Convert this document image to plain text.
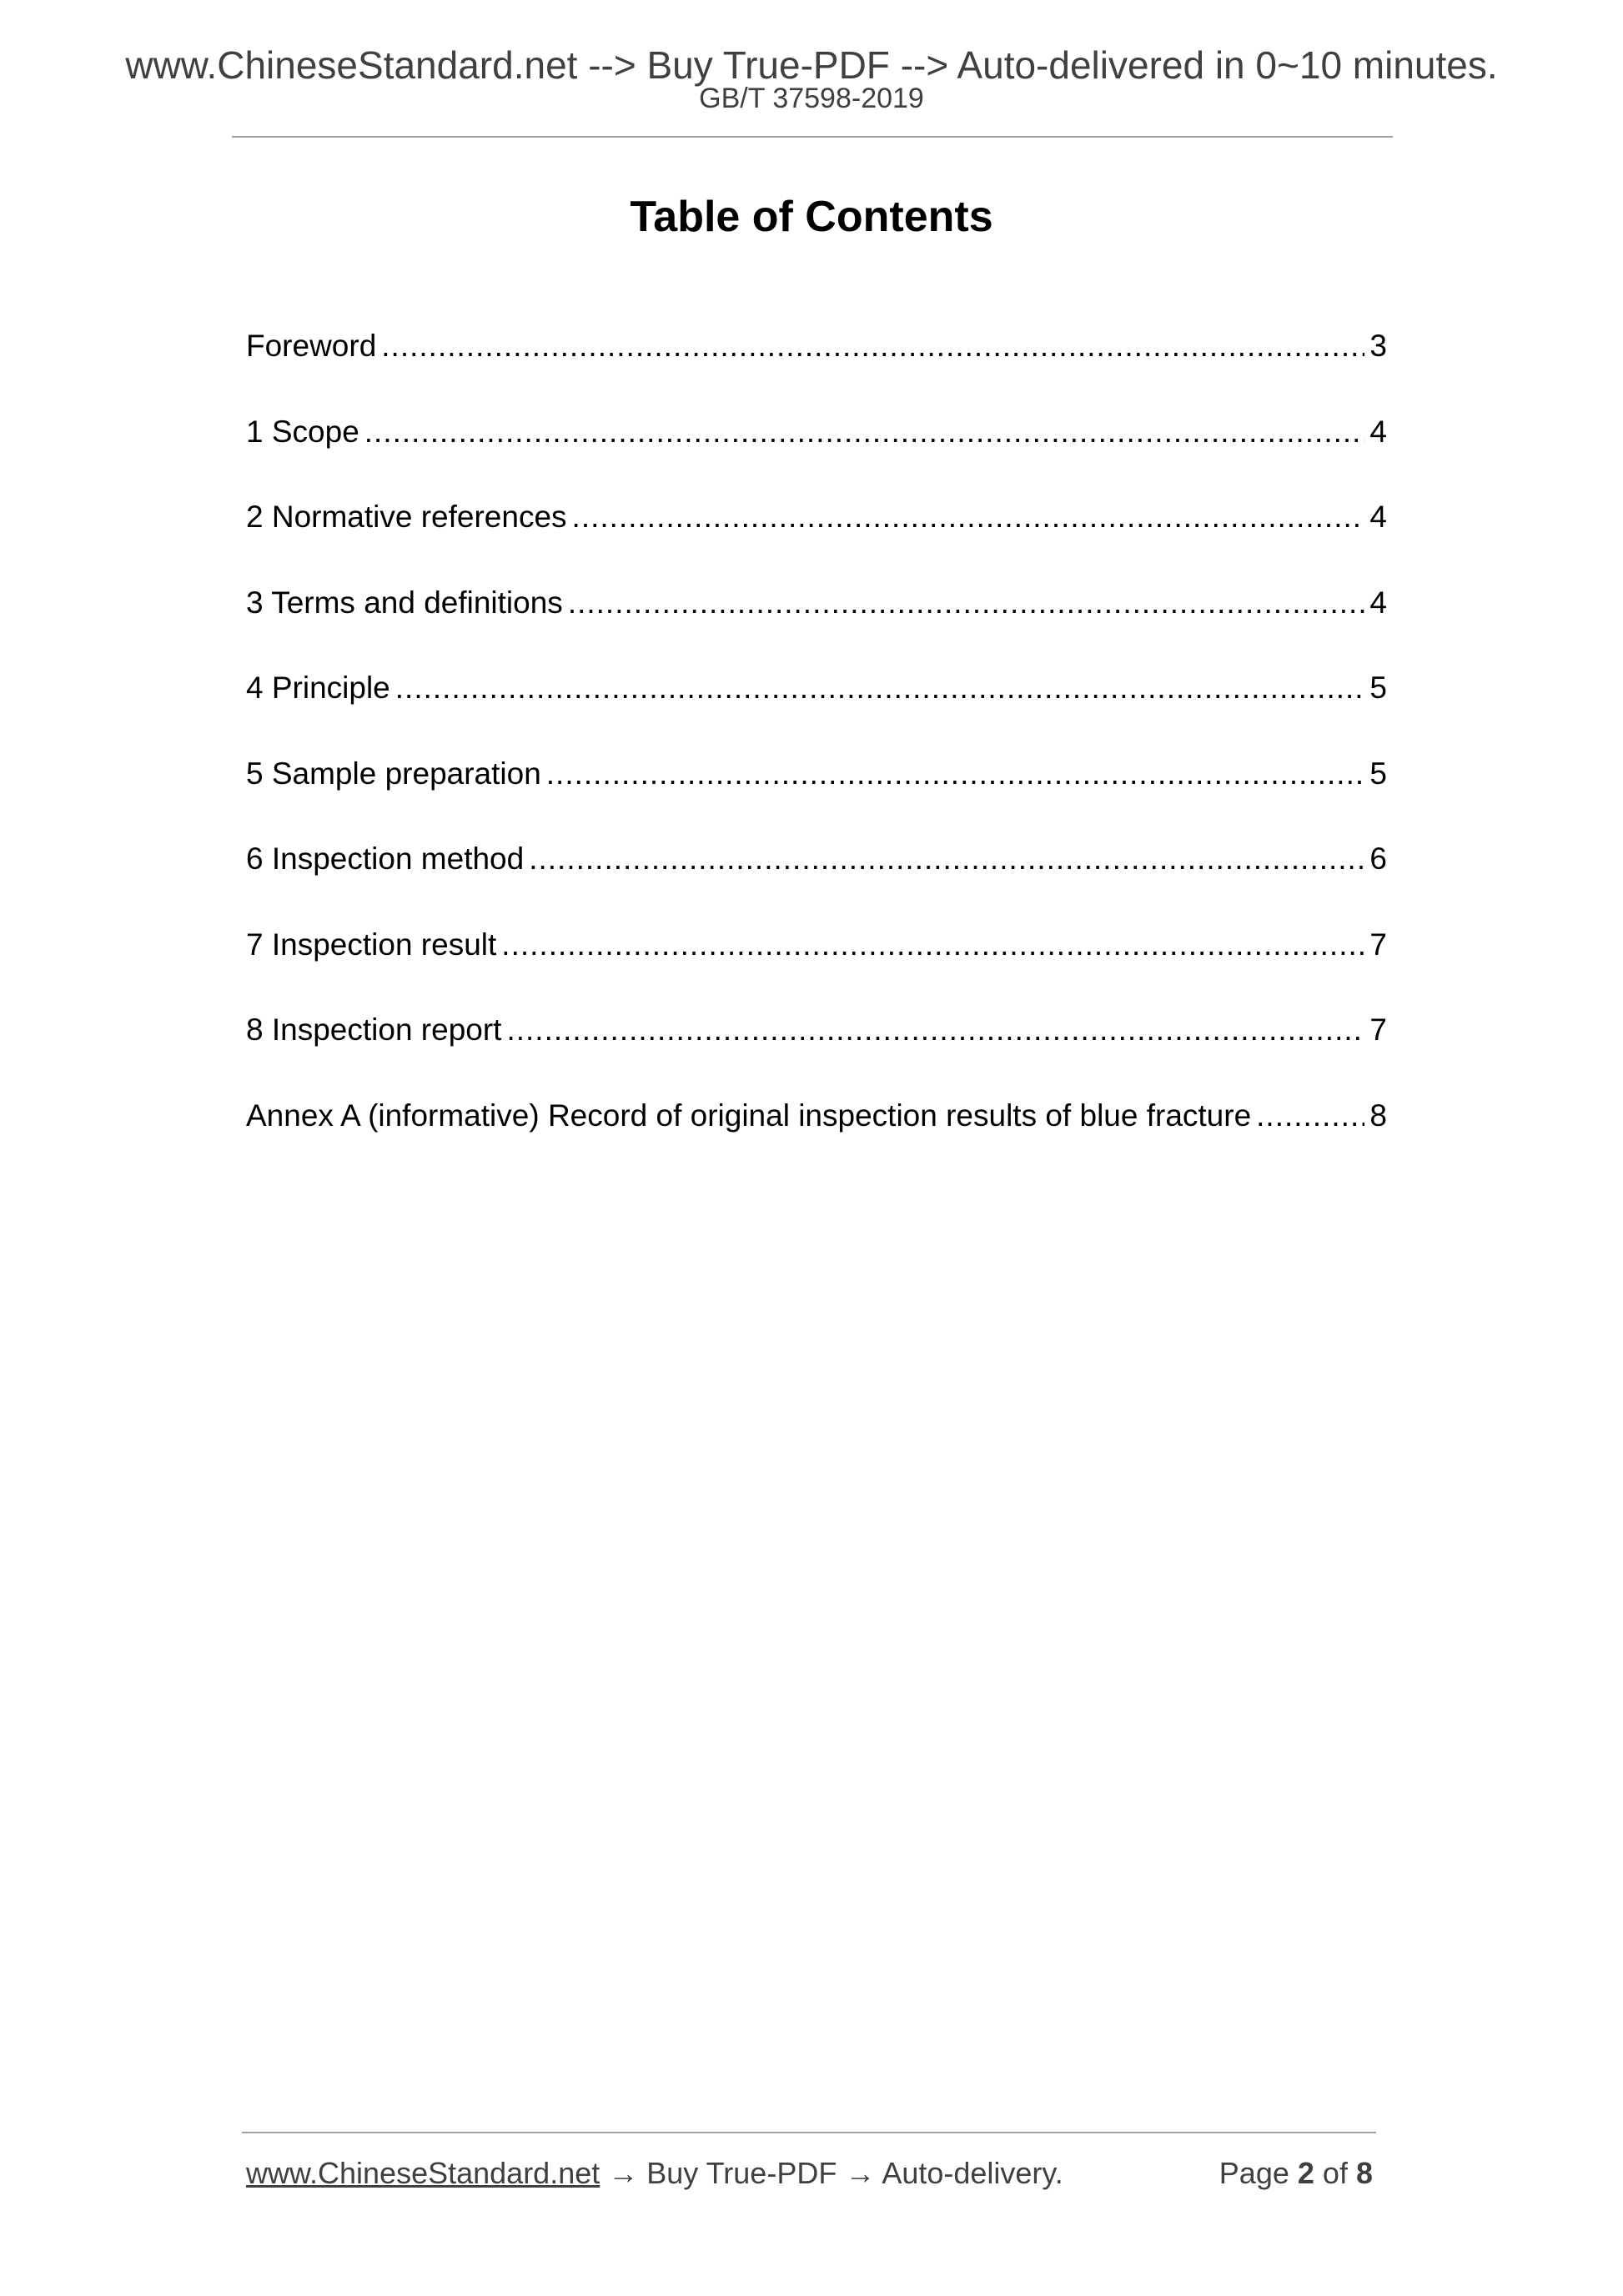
www.ChineseStandard.net --> Buy True-PDF --> Auto-delivered in 0~10 minutes.
GB/T 37598-2019
Table of Contents
Foreword .....	3
1 Scope .....	4
2 Normative references .....	4
3 Terms and definitions .....	4
4 Principle .....	5
5 Sample preparation .....	5
6 Inspection method .....	6
7 Inspection result .....	7
8 Inspection report .....	7
Annex A (informative) Record of original inspection results of blue fracture .....	8
www.ChineseStandard.net → Buy True-PDF → Auto-delivery.	Page 2 of 8
